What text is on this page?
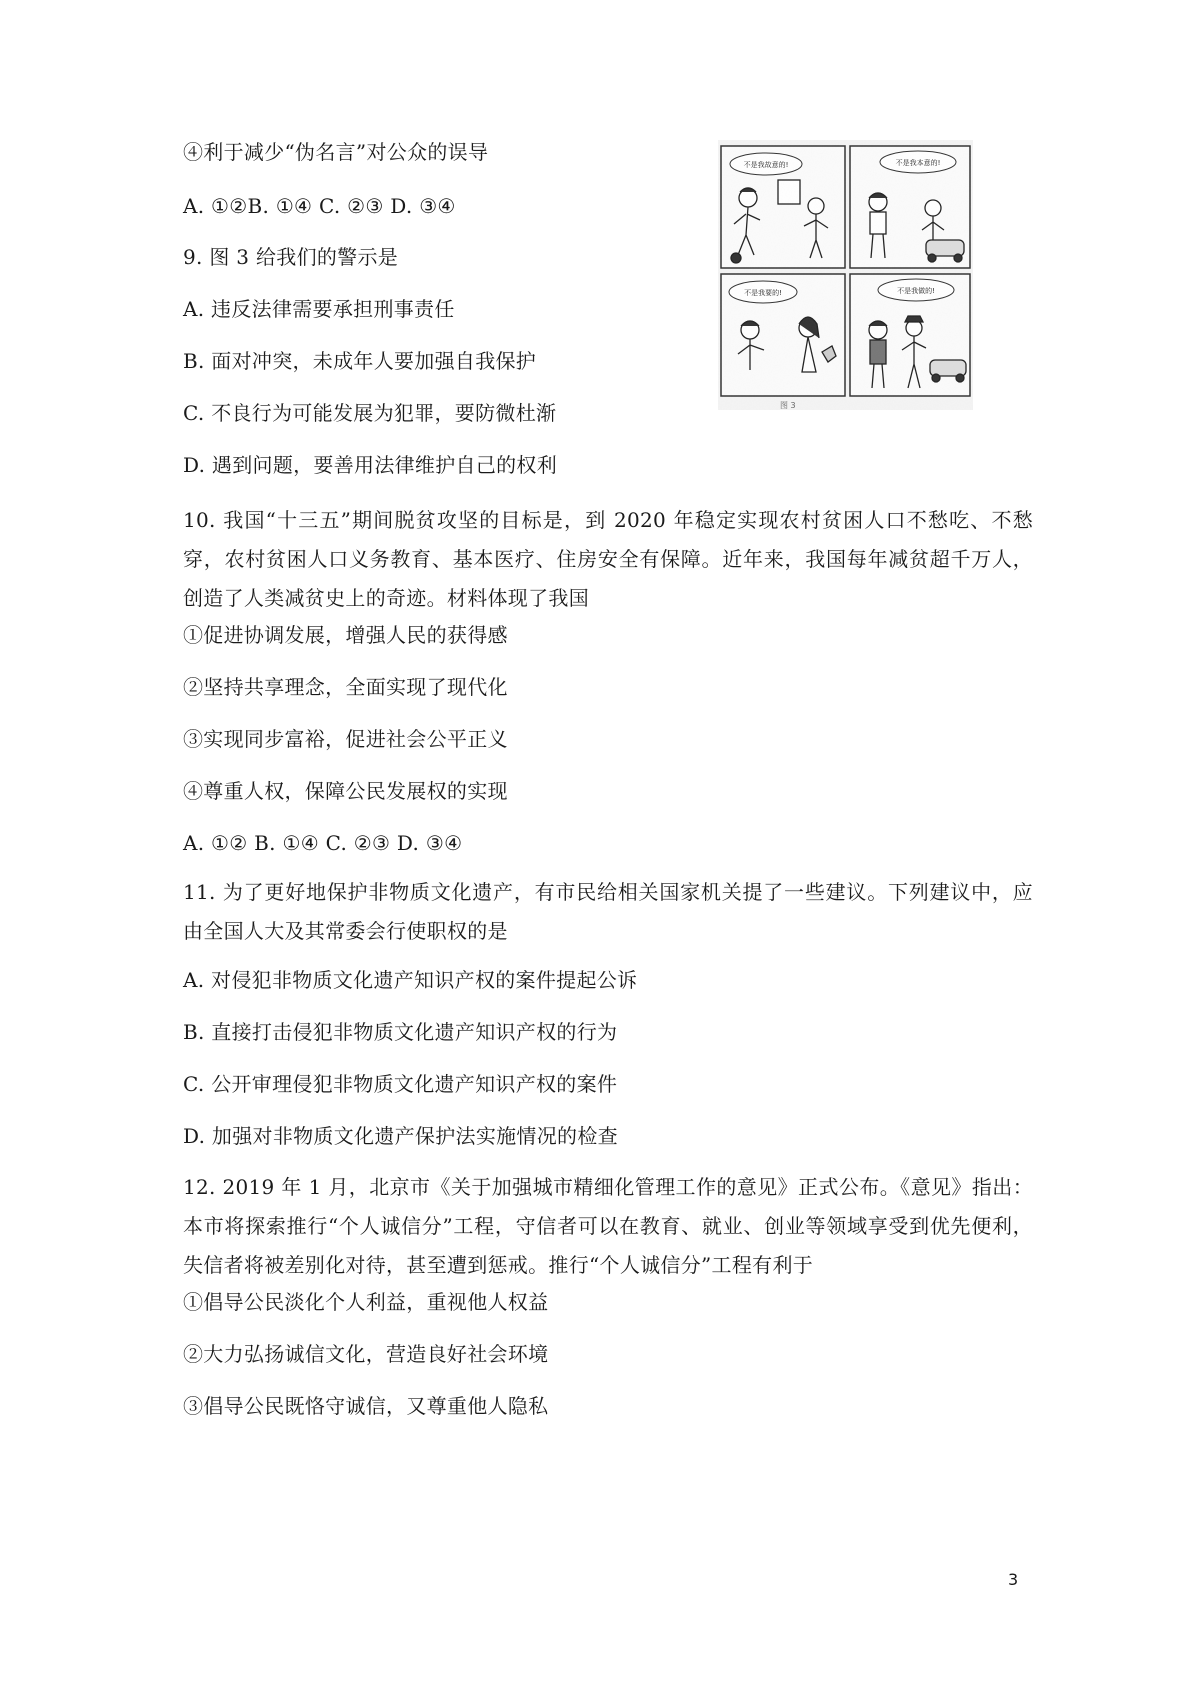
④利于减少“伪名言”对公众的误导
A. ①②B. ①④ C. ②③ D. ③④
9. 图 3 给我们的警示是
A. 违反法律需要承担刑事责任
B. 面对冲突，未成年人要加强自我保护
C. 不良行为可能发展为犯罪，要防微杜渐
D. 遇到问题，要善用法律维护自己的权利
10. 我国“十三五”期间脱贫攻坚的目标是，到 2020 年稳定实现农村贫困人口不愁吃、不愁穿，农村贫困人口义务教育、基本医疗、住房安全有保障。近年来，我国每年减贫超千万人，创造了人类减贫史上的奇迹。材料体现了我国
①促进协调发展，增强人民的获得感
②坚持共享理念，全面实现了现代化
③实现同步富裕，促进社会公平正义
④尊重人权，保障公民发展权的实现
A. ①② B. ①④ C. ②③ D. ③④
11. 为了更好地保护非物质文化遗产，有市民给相关国家机关提了一些建议。下列建议中，应由全国人大及其常委会行使职权的是
A. 对侵犯非物质文化遗产知识产权的案件提起公诉
B. 直接打击侵犯非物质文化遗产知识产权的行为
C. 公开审理侵犯非物质文化遗产知识产权的案件
D. 加强对非物质文化遗产保护法实施情况的检查
12. 2019 年 1 月，北京市《关于加强城市精细化管理工作的意见》正式公布。《意见》指出：本市将探索推行“个人诚信分”工程，守信者可以在教育、就业、创业等领域享受到优先便利，失信者将被差别化对待，甚至遭到惩戒。推行“个人诚信分”工程有利于
①倡导公民淡化个人利益，重视他人权益
②大力弘扬诚信文化，营造良好社会环境
③倡导公民既恪守诚信，又尊重他人隐私
3
图 3
